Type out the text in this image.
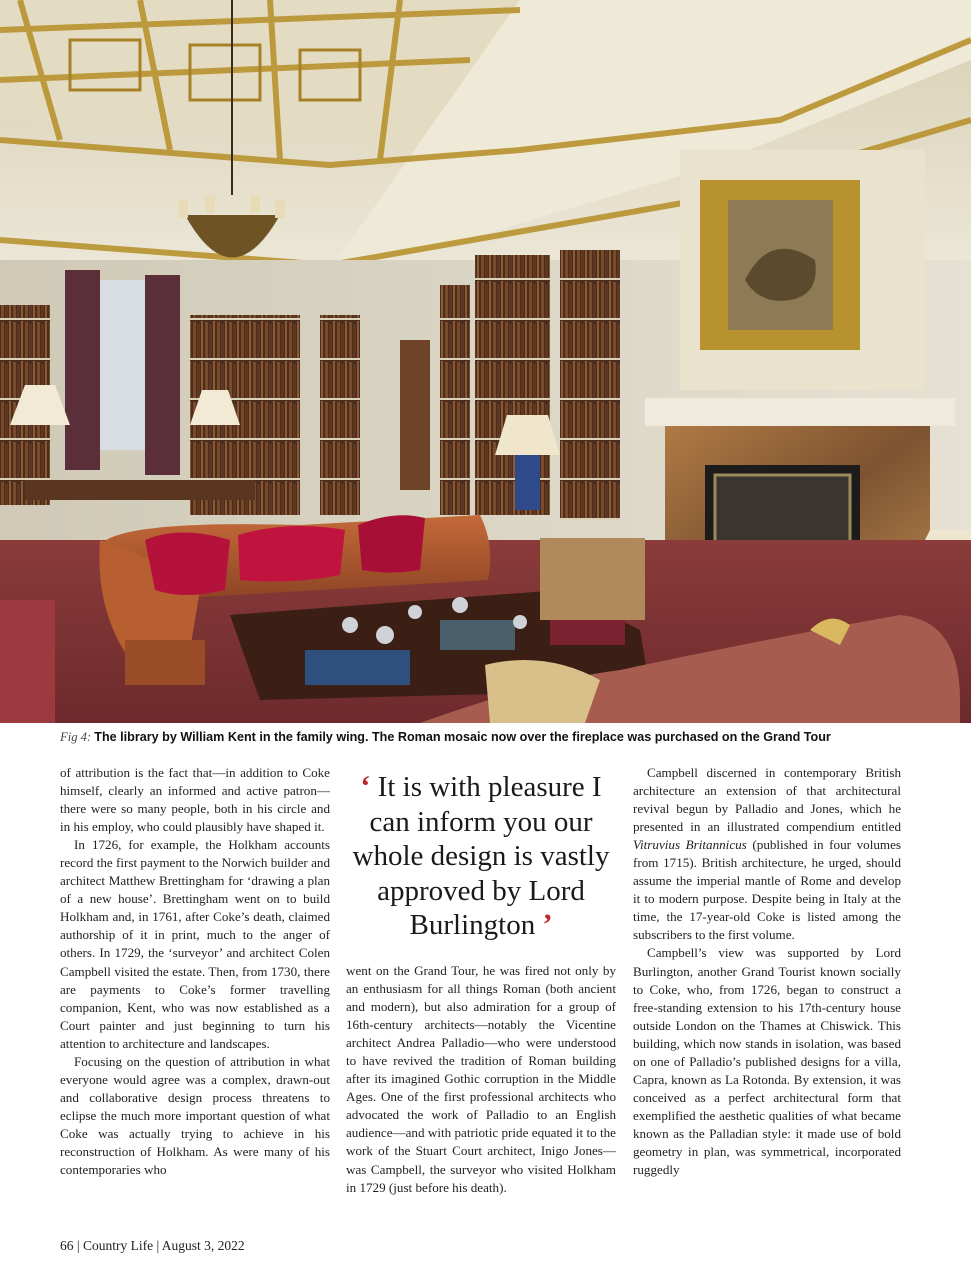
Fig 4: The library by William Kent in the family wing. The Roman mosaic now over the fireplace was purchased on the Grand Tour

of attribution is the fact that—in addition to Coke himself, clearly an informed and active patron—there were so many people, both in his circle and in his employ, who could plausibly have shaped it.

In 1726, for example, the Holkham accounts record the first payment to the Norwich builder and architect Matthew Brettingham for ‘drawing a plan of a new house’. Brettingham went on to build Holkham and, in 1761, after Coke’s death, claimed authorship of it in print, much to the anger of others. In 1729, the ‘surveyor’ and architect Colen Campbell visited the estate. Then, from 1730, there are payments to Coke’s former travelling companion, Kent, who was now established as a Court painter and just beginning to turn his attention to architecture and landscapes.

Focusing on the question of attribution in what everyone would agree was a complex, drawn-out and collaborative design process threatens to eclipse the much more important question of what Coke was actually trying to achieve in his reconstruction of Holkham. As were many of his contemporaries who

‘ It is with pleasure I can inform you our whole design is vastly approved by Lord Burlington ’

went on the Grand Tour, he was fired not only by an enthusiasm for all things Roman (both ancient and modern), but also admiration for a group of 16th-century architects—notably the Vicentine architect Andrea Palladio—who were understood to have revived the tradition of Roman building after its imagined Gothic corruption in the Middle Ages. One of the first professional architects who advocated the work of Palladio to an English audience—and with patriotic pride equated it to the work of the Stuart Court architect, Inigo Jones—was Campbell, the surveyor who visited Holkham in 1729 (just before his death).

Campbell discerned in contemporary British architecture an extension of that architectural revival begun by Palladio and Jones, which he presented in an illustrated compendium entitled Vitruvius Britannicus (published in four volumes from 1715). British architecture, he urged, should assume the imperial mantle of Rome and develop it to modern purpose. Despite being in Italy at the time, the 17-year-old Coke is listed among the subscribers to the first volume.

Campbell’s view was supported by Lord Burlington, another Grand Tourist known socially to Coke, who, from 1726, began to construct a free-standing extension to his 17th-century house outside London on the Thames at Chiswick. This building, which now stands in isolation, was based on one of Palladio’s published designs for a villa, Capra, known as La Rotonda. By extension, it was conceived as a perfect architectural form that exemplified the aesthetic qualities of what became known as the Palladian style: it made use of bold geometry in plan, was symmetrical, incorporated ruggedly

66 | Country Life | August 3, 2022
